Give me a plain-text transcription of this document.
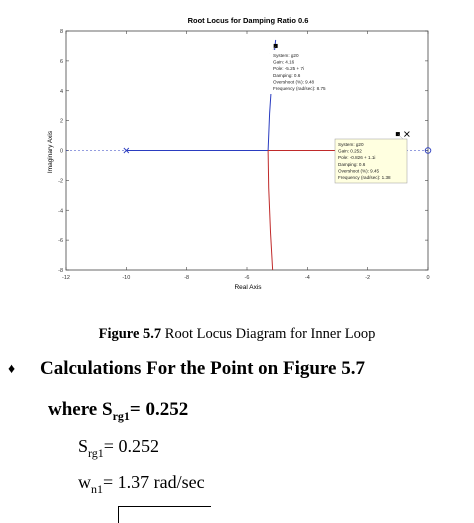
Root Locus for Damping Ratio 0.6
Real Axis
Imaginary Axis
-12	-10	-8	-6	-4	-2	0
-8
-6
-4
-2
0
2
4
6
8
System: g20
Gain: 4.16
Pole: -5.25 + 7i
Damping: 0.6
Overshoot (%): 9.48
Frequency (rad/sec): 8.75
System: g20
Gain: 0.252
Pole: -0.826 + 1.1i
Damping: 0.6
Overshoot (%): 9.45
Frequency (rad/sec): 1.38
Figure 5.7 Root Locus Diagram for Inner Loop
♦ Calculations For the Point on Figure 5.7
where $S_{rg1}= 0.252$
$S_{rg1}= 0.252$
$w_{n1}= 1.37$ rad/sec
